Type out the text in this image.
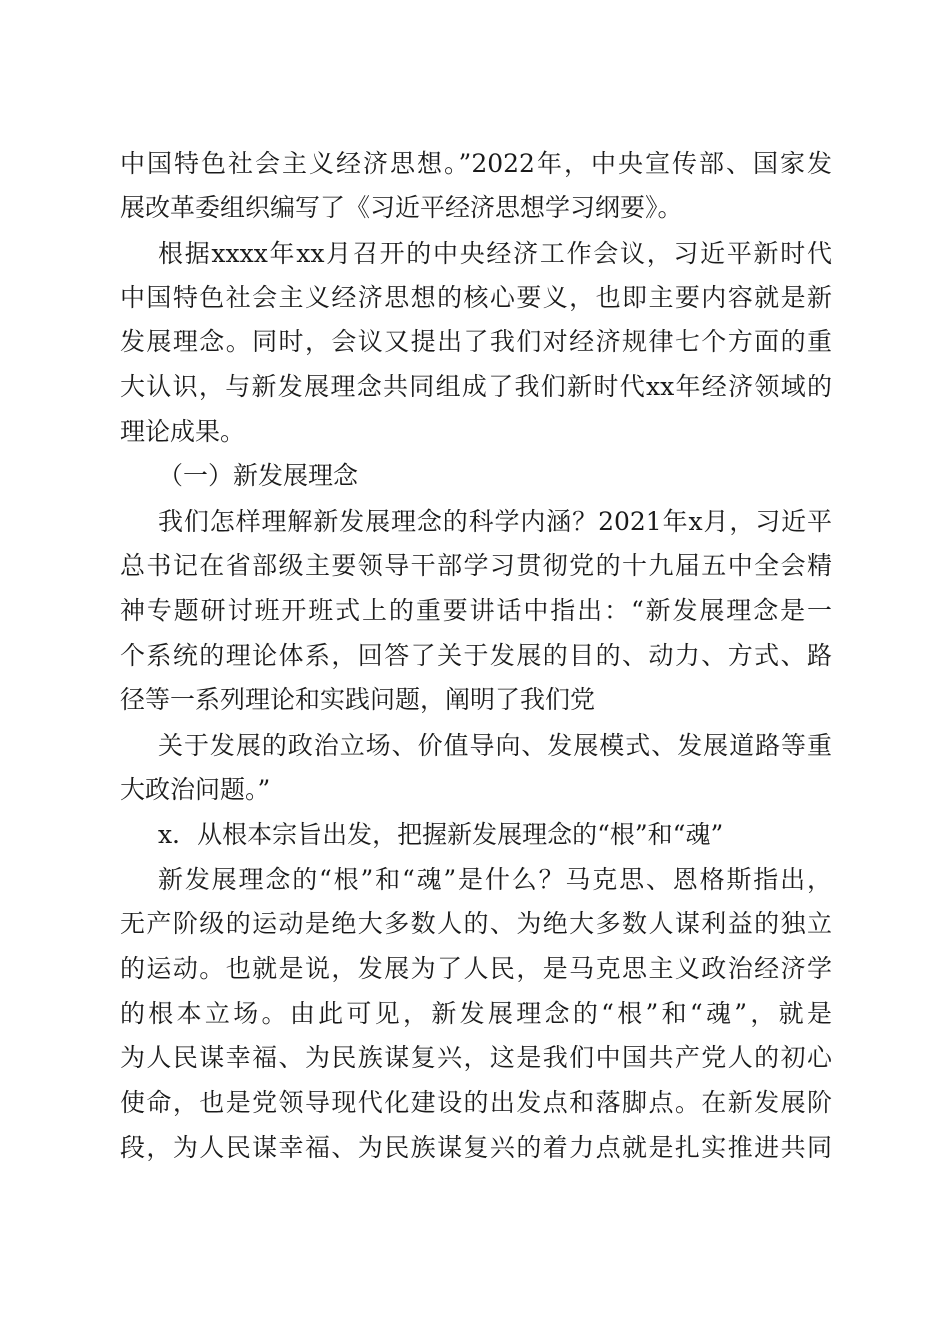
中国特色社会主义经济思想。”2022年，中央宣传部、国家发
展改革委组织编写了《习近平经济思想学习纲要》。
根据xxxx年xx月召开的中央经济工作会议，习近平新时代
中国特色社会主义经济思想的核心要义，也即主要内容就是新
发展理念。同时，会议又提出了我们对经济规律七个方面的重
大认识，与新发展理念共同组成了我们新时代xx年经济领域的
理论成果。
（一）新发展理念
我们怎样理解新发展理念的科学内涵？2021年x月，习近平
总书记在省部级主要领导干部学习贯彻党的十九届五中全会精
神专题研讨班开班式上的重要讲话中指出：“新发展理念是一
个系统的理论体系，回答了关于发展的目的、动力、方式、路
径等一系列理论和实践问题，阐明了我们党
关于发展的政治立场、价值导向、发展模式、发展道路等重
大政治问题。”
x．从根本宗旨出发，把握新发展理念的“根”和“魂”
新发展理念的“根”和“魂”是什么？马克思、恩格斯指出，
无产阶级的运动是绝大多数人的、为绝大多数人谋利益的独立
的运动。也就是说，发展为了人民，是马克思主义政治经济学
的根本立场。由此可见，新发展理念的“根”和“魂”，就是
为人民谋幸福、为民族谋复兴，这是我们中国共产党人的初心
使命，也是党领导现代化建设的出发点和落脚点。在新发展阶
段，为人民谋幸福、为民族谋复兴的着力点就是扎实推进共同
